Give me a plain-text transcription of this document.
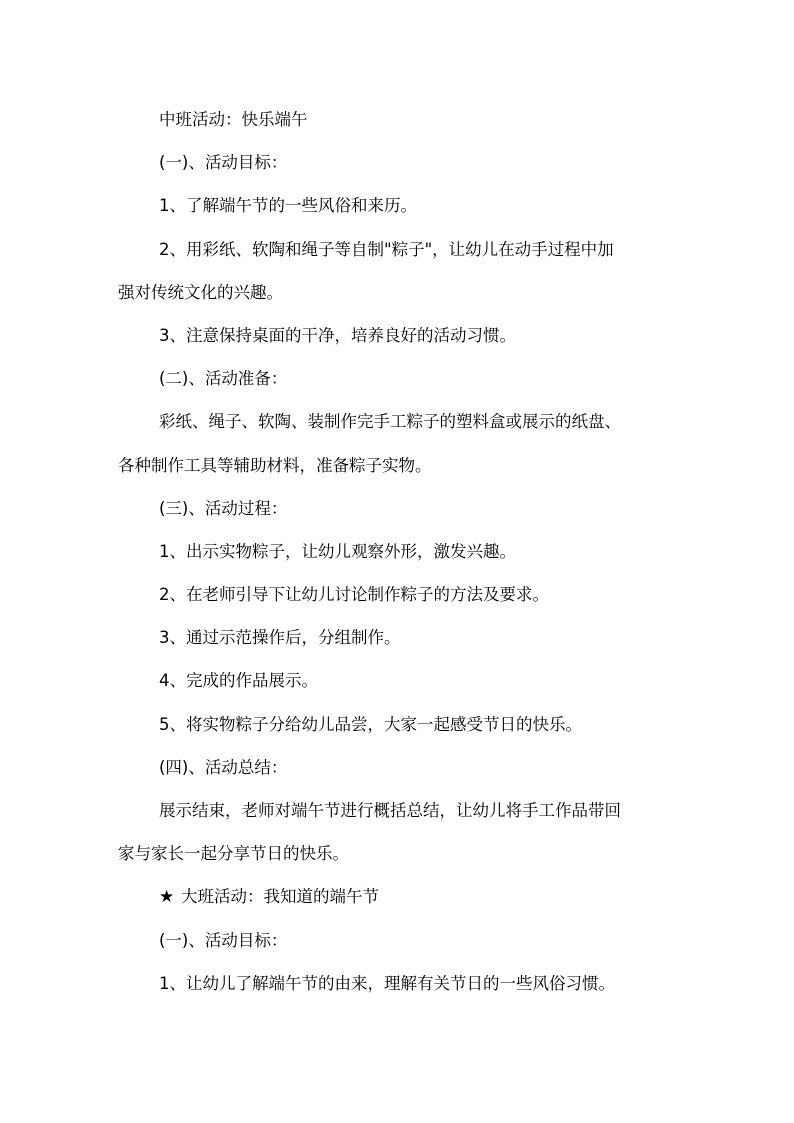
中班活动：快乐端午
(一)、活动目标：
1、了解端午节的一些风俗和来历。
2、用彩纸、软陶和绳子等自制"粽子"，让幼儿在动手过程中加
强对传统文化的兴趣。
3、注意保持桌面的干净，培养良好的活动习惯。
(二)、活动准备：
彩纸、绳子、软陶、装制作完手工粽子的塑料盒或展示的纸盘、
各种制作工具等辅助材料，准备粽子实物。
(三)、活动过程：
1、出示实物粽子，让幼儿观察外形，激发兴趣。
2、在老师引导下让幼儿讨论制作粽子的方法及要求。
3、通过示范操作后，分组制作。
4、完成的作品展示。
5、将实物粽子分给幼儿品尝，大家一起感受节日的快乐。
(四)、活动总结：
展示结束，老师对端午节进行概括总结，让幼儿将手工作品带回
家与家长一起分享节日的快乐。
★ 大班活动：我知道的端午节
(一)、活动目标：
1、让幼儿了解端午节的由来，理解有关节日的一些风俗习惯。
